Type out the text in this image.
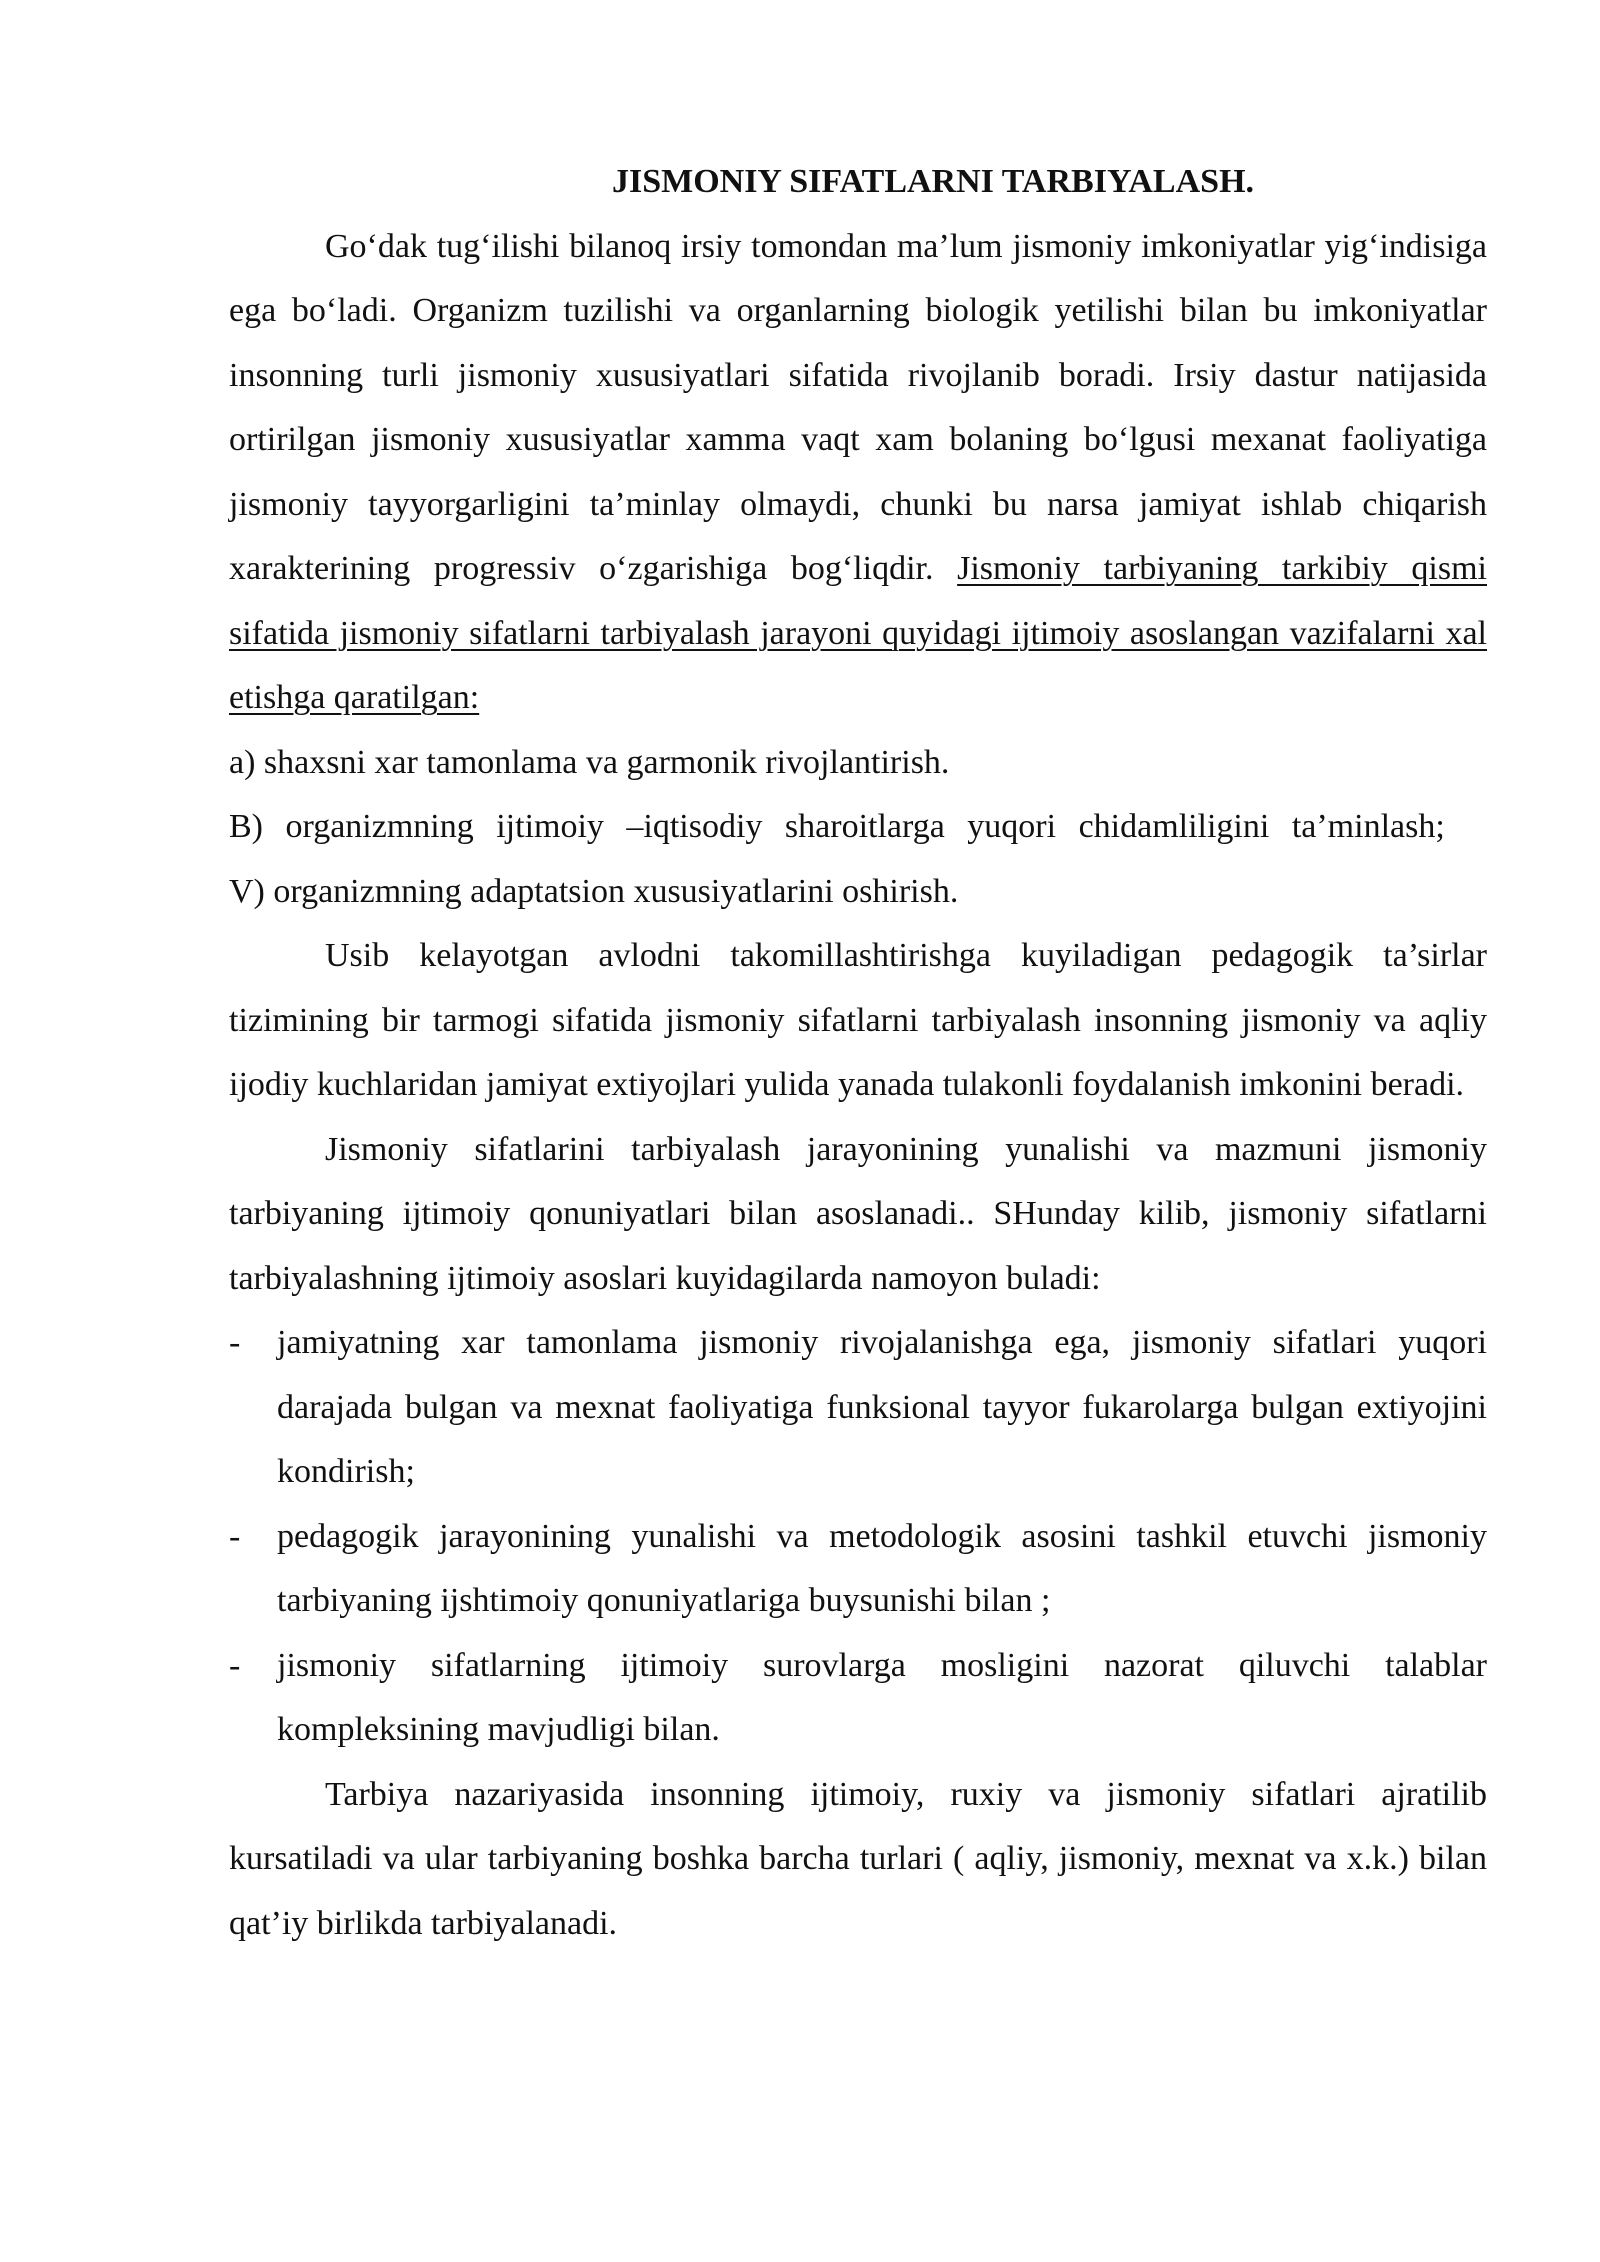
JISMONIY SIFATLARNI TARBIYALASH.

Go‘dak tug‘ilishi bilanoq irsiy tomondan ma’lum jismoniy imkoniyatlar yig‘indisiga ega bo‘ladi. Organizm tuzilishi va organlarning biologik yetilishi bilan bu imkoniyatlar insonning turli jismoniy xususiyatlari sifatida rivojlanib boradi. Irsiy dastur natijasida ortirilgan jismoniy xususiyatlar xamma vaqt xam bolaning bo‘lgusi mexanat faoliyatiga jismoniy tayyorgarligini ta’minlay olmaydi, chunki bu narsa jamiyat ishlab chiqarish xarakterining progressiv o‘zgarishiga bog‘liqdir. Jismoniy tarbiyaning tarkibiy qismi sifatida jismoniy sifatlarni tarbiyalash jarayoni quyidagi ijtimoiy asoslangan vazifalarni xal etishga qaratilgan:

a) shaxsni xar tamonlama va garmonik rivojlantirish.

B) organizmning ijtimoiy –iqtisodiy sharoitlarga yuqori chidamliligini ta’minlash;

V) organizmning adaptatsion xususiyatlarini oshirish.

Usib kelayotgan avlodni takomillashtirishga kuyiladigan pedagogik ta’sirlar tizimining bir tarmogi sifatida jismoniy sifatlarni tarbiyalash insonning jismoniy va aqliy ijodiy kuchlaridan jamiyat extiyojlari yulida yanada tulakonli foydalanish imkonini beradi.

Jismoniy sifatlarini tarbiyalash jarayonining yunalishi va mazmuni jismoniy tarbiyaning ijtimoiy qonuniyatlari bilan asoslanadi.. SHunday kilib, jismoniy sifatlarni tarbiyalashning ijtimoiy asoslari kuyidagilarda namoyon buladi:

-	jamiyatning xar tamonlama jismoniy rivojalanishga ega, jismoniy sifatlari yuqori darajada bulgan va mexnat faoliyatiga funksional tayyor fukarolarga bulgan extiyojini kondirish;
-	pedagogik jarayonining yunalishi va metodologik asosini tashkil etuvchi jismoniy tarbiyaning ijshtimoiy qonuniyatlariga buysunishi bilan ;
-	jismoniy sifatlarning ijtimoiy surovlarga mosligini nazorat qiluvchi talablar kompleksining mavjudligi bilan.

Tarbiya nazariyasida insonning ijtimoiy, ruxiy va jismoniy sifatlari ajratilib kursatiladi va ular tarbiyaning boshka barcha turlari ( aqliy, jismoniy, mexnat va x.k.) bilan qat’iy birlikda tarbiyalanadi.
